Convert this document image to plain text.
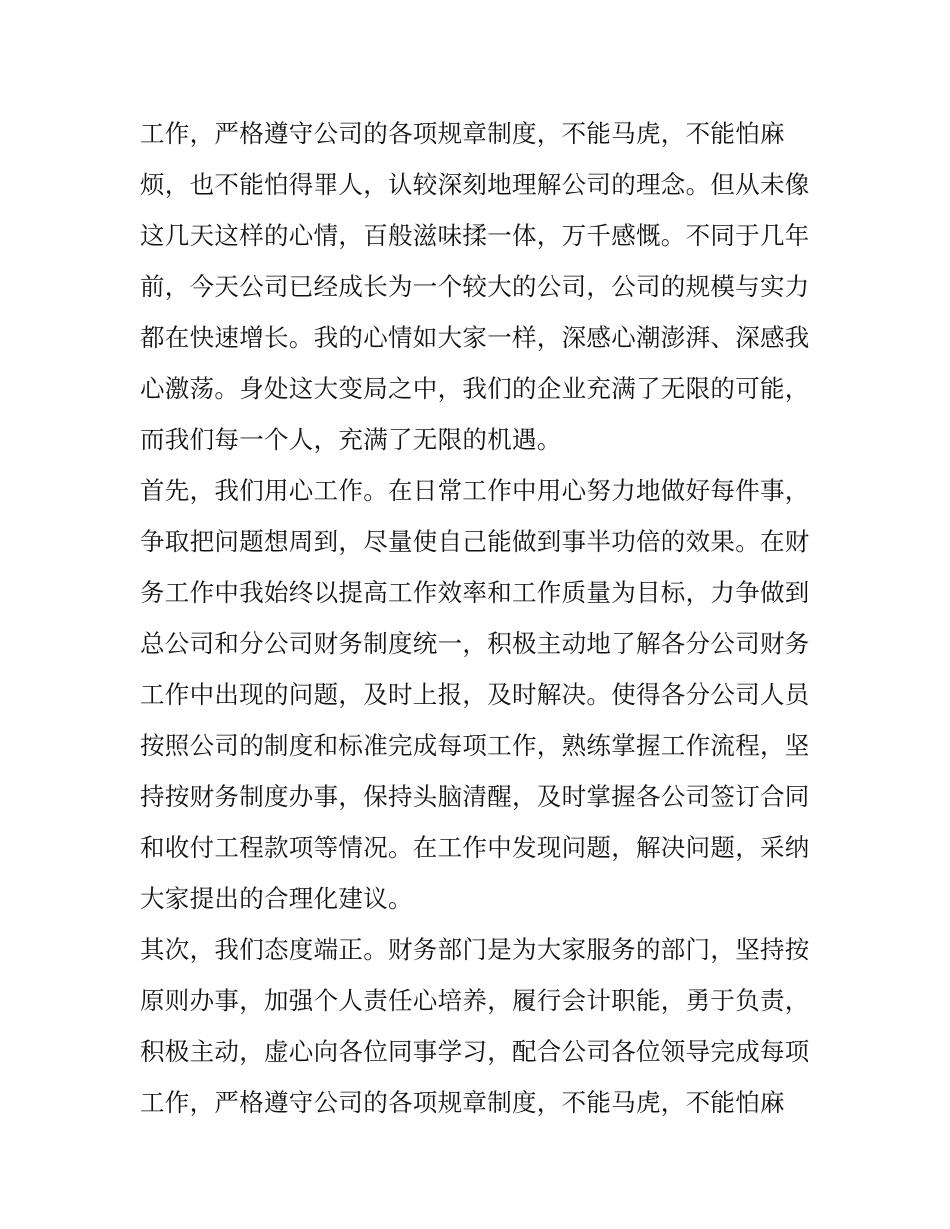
工作，严格遵守公司的各项规章制度，不能马虎，不能怕麻
烦，也不能怕得罪人，认较深刻地理解公司的理念。但从未像
这几天这样的心情，百般滋味揉一体，万千感慨。不同于几年
前，今天公司已经成长为一个较大的公司，公司的规模与实力
都在快速增长。我的心情如大家一样，深感心潮澎湃、深感我
心激荡。身处这大变局之中，我们的企业充满了无限的可能，
而我们每一个人，充满了无限的机遇。
首先，我们用心工作。在日常工作中用心努力地做好每件事，
争取把问题想周到，尽量使自己能做到事半功倍的效果。在财
务工作中我始终以提高工作效率和工作质量为目标，力争做到
总公司和分公司财务制度统一，积极主动地了解各分公司财务
工作中出现的问题，及时上报，及时解决。使得各分公司人员
按照公司的制度和标准完成每项工作，熟练掌握工作流程，坚
持按财务制度办事，保持头脑清醒，及时掌握各公司签订合同
和收付工程款项等情况。在工作中发现问题，解决问题，采纳
大家提出的合理化建议。
其次，我们态度端正。财务部门是为大家服务的部门，坚持按
原则办事，加强个人责任心培养，履行会计职能，勇于负责，
积极主动，虚心向各位同事学习，配合公司各位领导完成每项
工作，严格遵守公司的各项规章制度，不能马虎，不能怕麻
